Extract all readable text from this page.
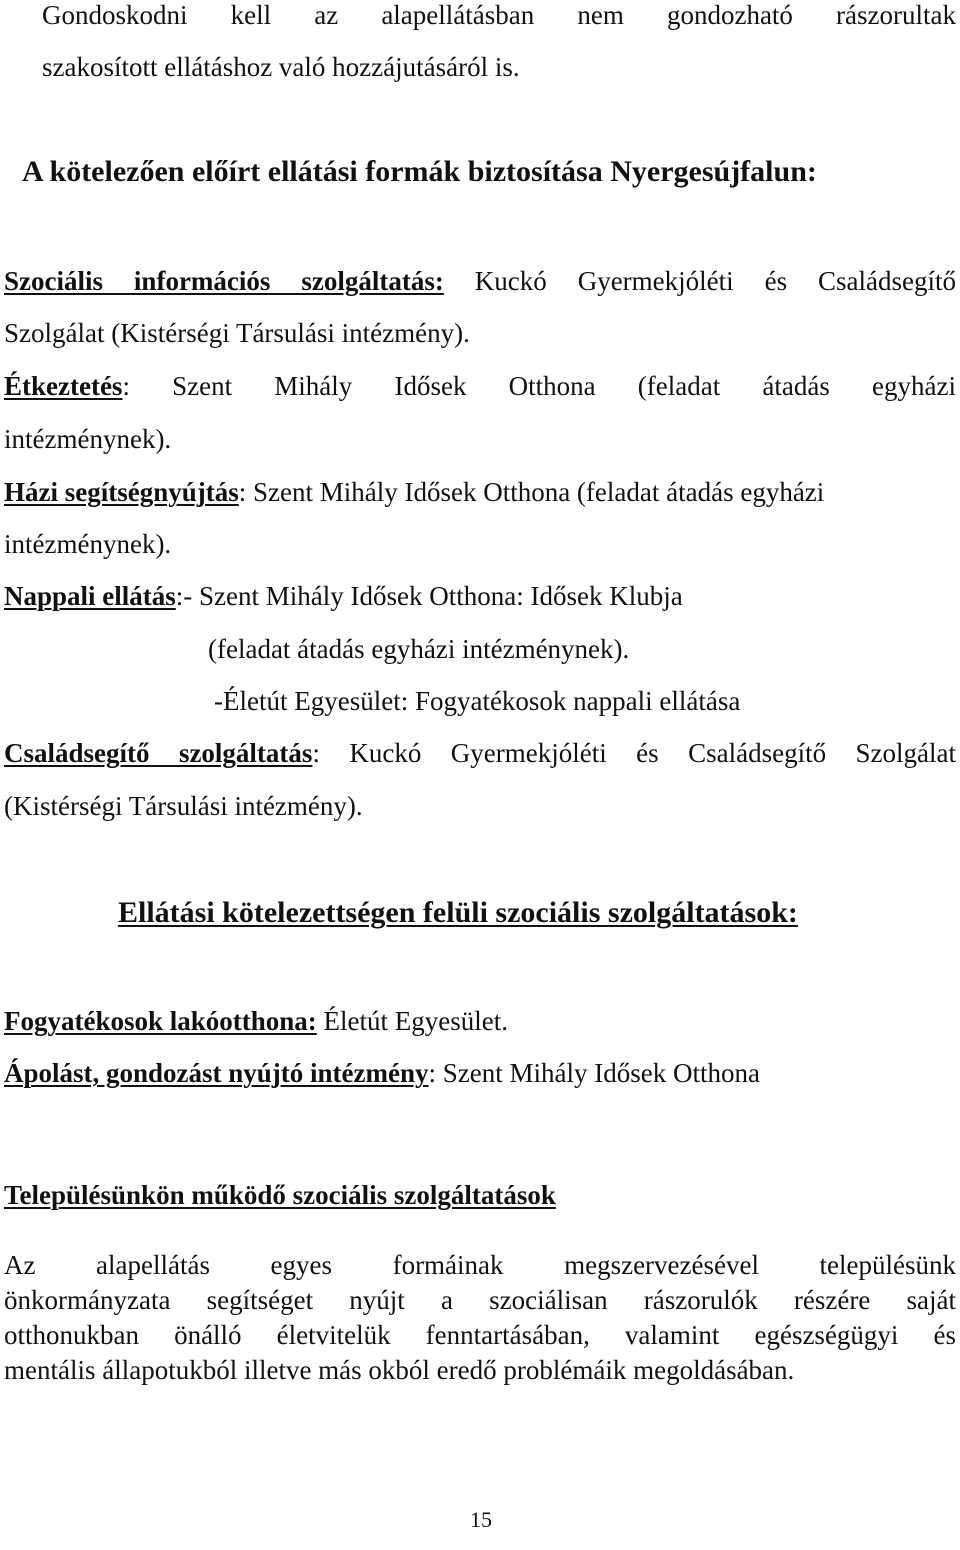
Gondoskodni kell az alapellátásban nem gondozható rászorultak
szakosított ellátáshoz való hozzájutásáról is.
A kötelezően előírt ellátási formák biztosítása Nyergesújfalun:
Szociális információs szolgáltatás: Kuckó Gyermekjóléti és Családsegítő
Szolgálat (Kistérségi Társulási intézmény).
Étkeztetés: Szent Mihály Idősek Otthona (feladat átadás egyházi
intézménynek).
Házi segítségnyújtás: Szent Mihály Idősek Otthona (feladat átadás egyházi
intézménynek).
Nappali ellátás:- Szent Mihály Idősek Otthona: Idősek Klubja
(feladat átadás egyházi intézménynek).
-Életút Egyesület: Fogyatékosok nappali ellátása
Családsegítő szolgáltatás: Kuckó Gyermekjóléti és Családsegítő Szolgálat
(Kistérségi Társulási intézmény).
Ellátási kötelezettségen felüli szociális szolgáltatások:
Fogyatékosok lakóotthona: Életút Egyesület.
Ápolást, gondozást nyújtó intézmény: Szent Mihály Idősek Otthona
Településünkön működő szociális szolgáltatások
Az alapellátás egyes formáinak megszervezésével településünk
önkormányzata segítséget nyújt a szociálisan rászorulók részére saját
otthonukban önálló életvitelük fenntartásában, valamint egészségügyi és
mentális állapotukból illetve más okból eredő problémáik megoldásában.
15
